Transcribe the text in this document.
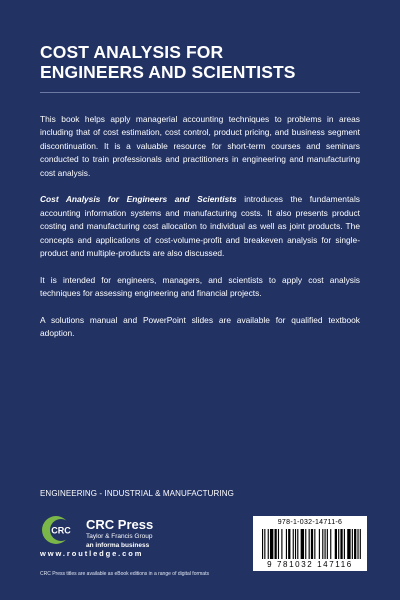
COST ANALYSIS FOR
ENGINEERS AND SCIENTISTS

This book helps apply managerial accounting techniques to problems in areas including that of cost estimation, cost control, product pricing, and business segment discontinuation. It is a valuable resource for short-term courses and seminars conducted to train professionals and practitioners in engineering and manufacturing cost analysis.

Cost Analysis for Engineers and Scientists introduces the fundamentals accounting information systems and manufacturing costs. It also presents product costing and manufacturing cost allocation to individual as well as joint products. The concepts and applications of cost-volume-profit and breakeven analysis for single-product and multiple-products are also discussed.

It is intended for engineers, managers, and scientists to apply cost analysis techniques for assessing engineering and financial projects.

A solutions manual and PowerPoint slides are available for qualified textbook adoption.

ENGINEERING - INDUSTRIAL & MANUFACTURING
CRC CRC Press
Taylor & Francis Group
an informa business
www.routledge.com
CRC Press titles are available as eBook editions in a range of digital formats
978-1-032-14711-6
9 781032 147116
